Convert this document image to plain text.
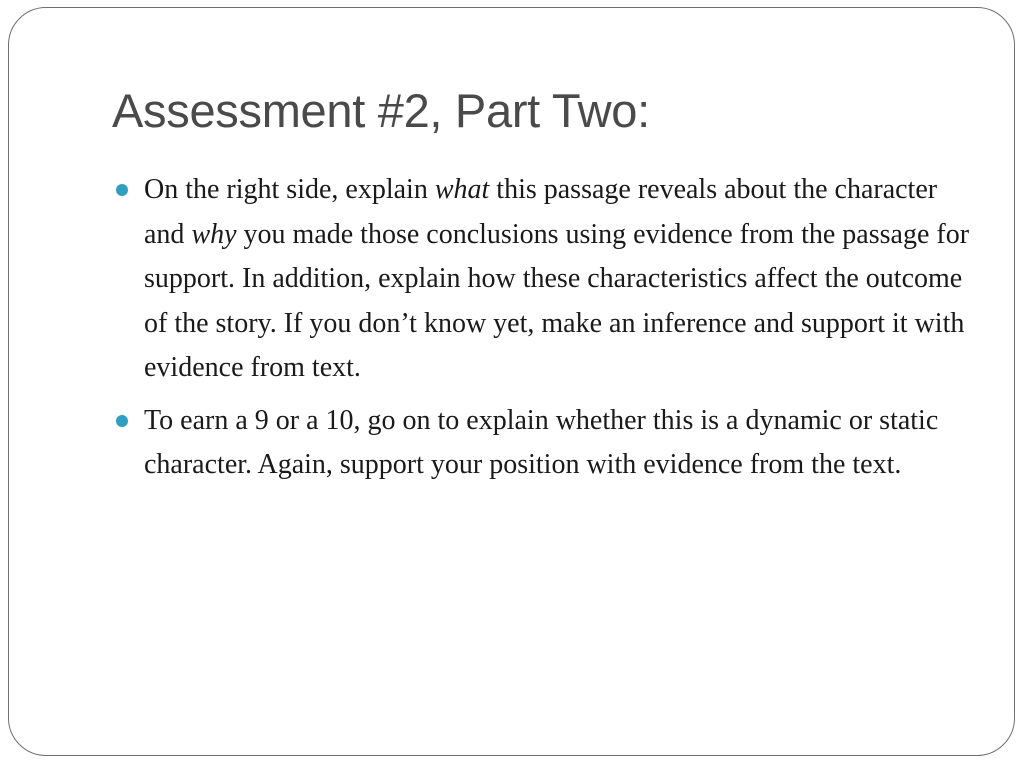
Assessment #2, Part Two:
On the right side, explain what this passage reveals about the character and why you made those conclusions using evidence from the passage for support. In addition, explain how these characteristics affect the outcome of the story. If you don’t know yet, make an inference and support it with evidence from text.
To earn a 9 or a 10, go on to explain whether this is a dynamic or static character. Again, support your position with evidence from the text.
